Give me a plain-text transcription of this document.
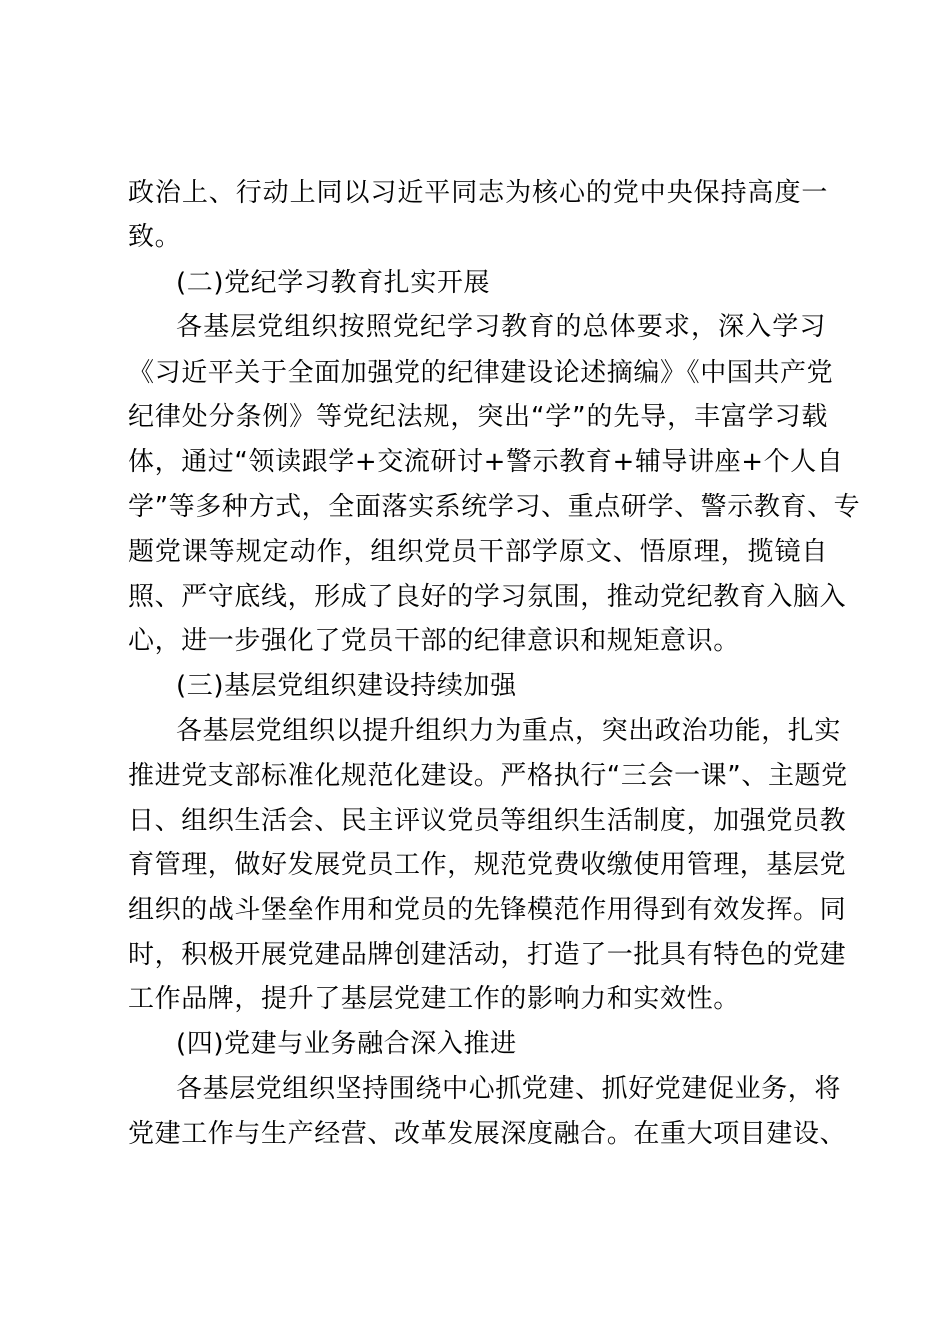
政治上、行动上同以习近平同志为核心的党中央保持高度一
致。
(二)党纪学习教育扎实开展
各基层党组织按照党纪学习教育的总体要求，深入学习
《习近平关于全面加强党的纪律建设论述摘编》《中国共产党
纪律处分条例》等党纪法规，突出“学”的先导，丰富学习载
体，通过“领读跟学+交流研讨+警示教育+辅导讲座+个人自
学”等多种方式，全面落实系统学习、重点研学、警示教育、专
题党课等规定动作，组织党员干部学原文、悟原理，揽镜自
照、严守底线，形成了良好的学习氛围，推动党纪教育入脑入
心，进一步强化了党员干部的纪律意识和规矩意识。
(三)基层党组织建设持续加强
各基层党组织以提升组织力为重点，突出政治功能，扎实
推进党支部标准化规范化建设。严格执行“三会一课”、主题党
日、组织生活会、民主评议党员等组织生活制度，加强党员教
育管理，做好发展党员工作，规范党费收缴使用管理，基层党
组织的战斗堡垒作用和党员的先锋模范作用得到有效发挥。同
时，积极开展党建品牌创建活动，打造了一批具有特色的党建
工作品牌，提升了基层党建工作的影响力和实效性。
(四)党建与业务融合深入推进
各基层党组织坚持围绕中心抓党建、抓好党建促业务，将
党建工作与生产经营、改革发展深度融合。在重大项目建设、
